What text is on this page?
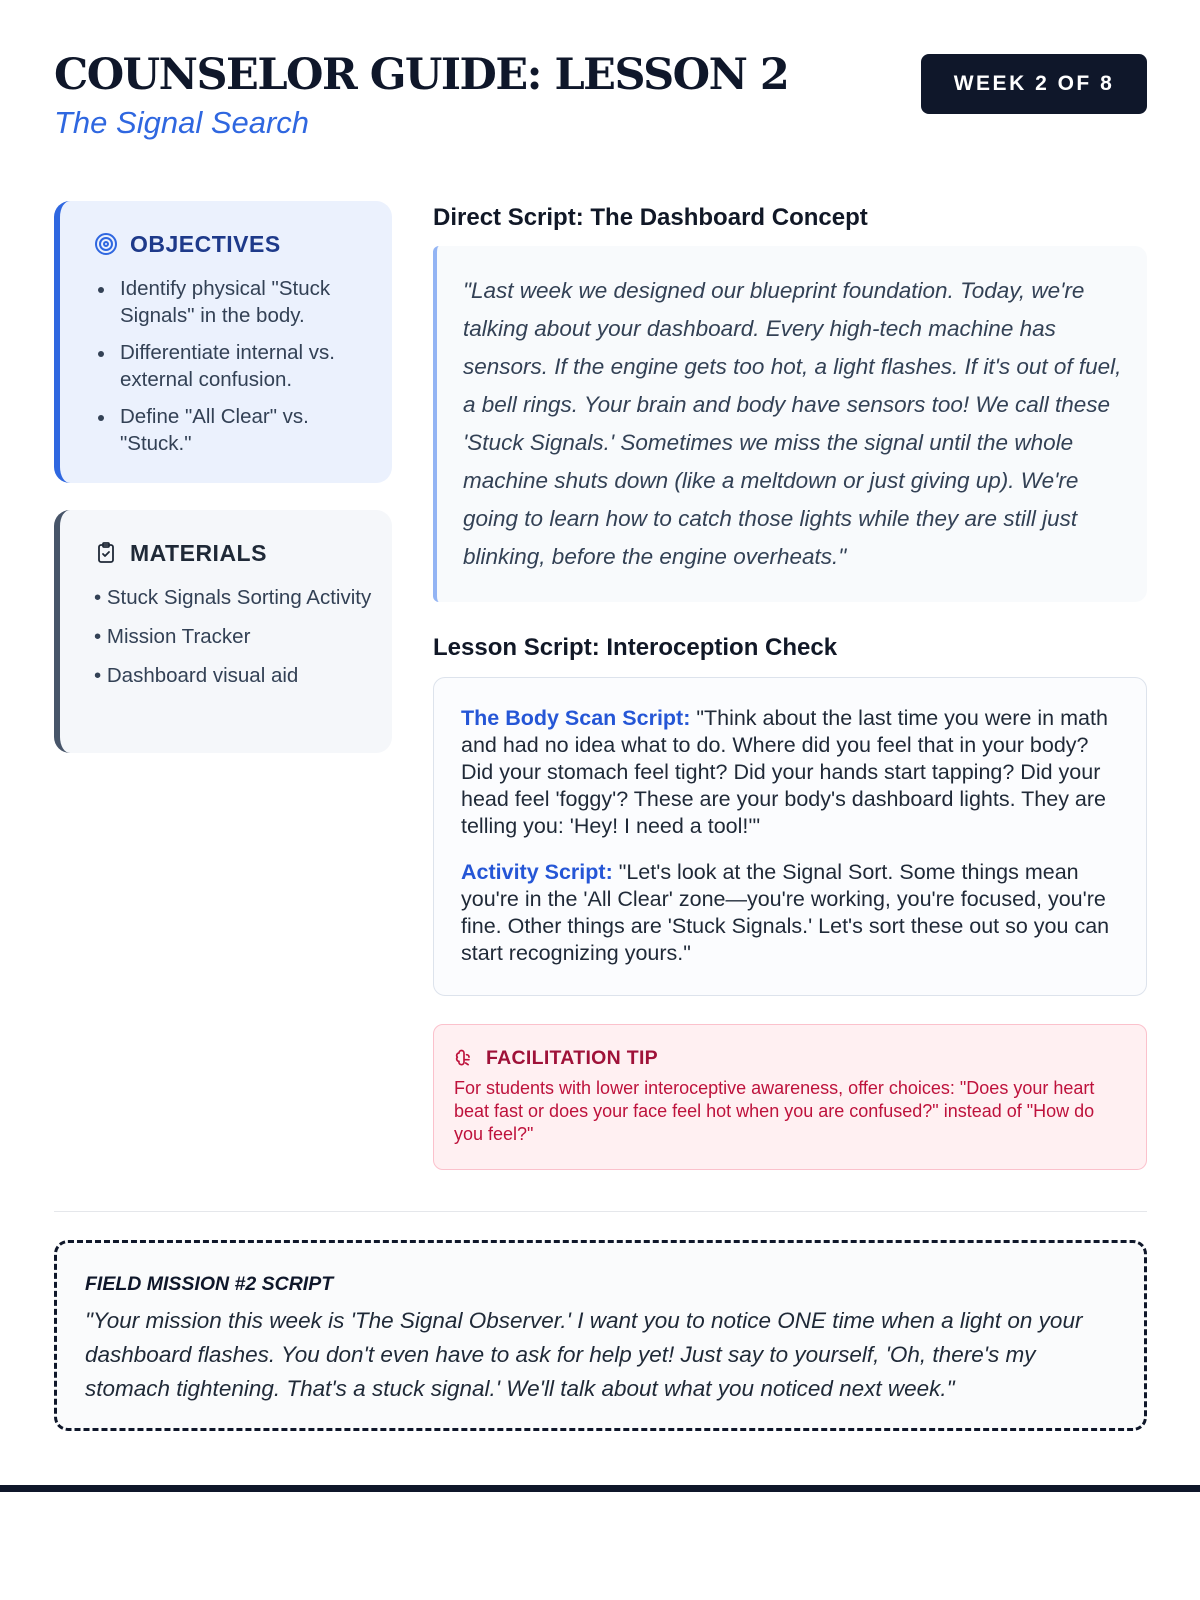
COUNSELOR GUIDE: LESSON 2
The Signal Search
WEEK 2 OF 8
OBJECTIVES
Identify physical "Stuck Signals" in the body.
Differentiate internal vs. external confusion.
Define "All Clear" vs. "Stuck."
MATERIALS
• Stuck Signals Sorting Activity
• Mission Tracker
• Dashboard visual aid
Direct Script: The Dashboard Concept

"Last week we designed our blueprint foundation. Today, we're talking about your dashboard. Every high-tech machine has sensors. If the engine gets too hot, a light flashes. If it's out of fuel, a bell rings. Your brain and body have sensors too! We call these 'Stuck Signals.' Sometimes we miss the signal until the whole machine shuts down (like a meltdown or just giving up). We're going to learn how to catch those lights while they are still just blinking, before the engine overheats."

Lesson Script: Interoception Check

The Body Scan Script: "Think about the last time you were in math and had no idea what to do. Where did you feel that in your body? Did your stomach feel tight? Did your hands start tapping? Did your head feel 'foggy'? These are your body's dashboard lights. They are telling you: 'Hey! I need a tool!'"

Activity Script: "Let's look at the Signal Sort. Some things mean you're in the 'All Clear' zone—you're working, you're focused, you're fine. Other things are 'Stuck Signals.' Let's sort these out so you can start recognizing yours."

FACILITATION TIP

For students with lower interoceptive awareness, offer choices: "Does your heart beat fast or does your face feel hot when you are confused?" instead of "How do you feel?"

FIELD MISSION #2 SCRIPT

"Your mission this week is 'The Signal Observer.' I want you to notice ONE time when a light on your dashboard flashes. You don't even have to ask for help yet! Just say to yourself, 'Oh, there's my stomach tightening. That's a stuck signal.' We'll talk about what you noticed next week."
